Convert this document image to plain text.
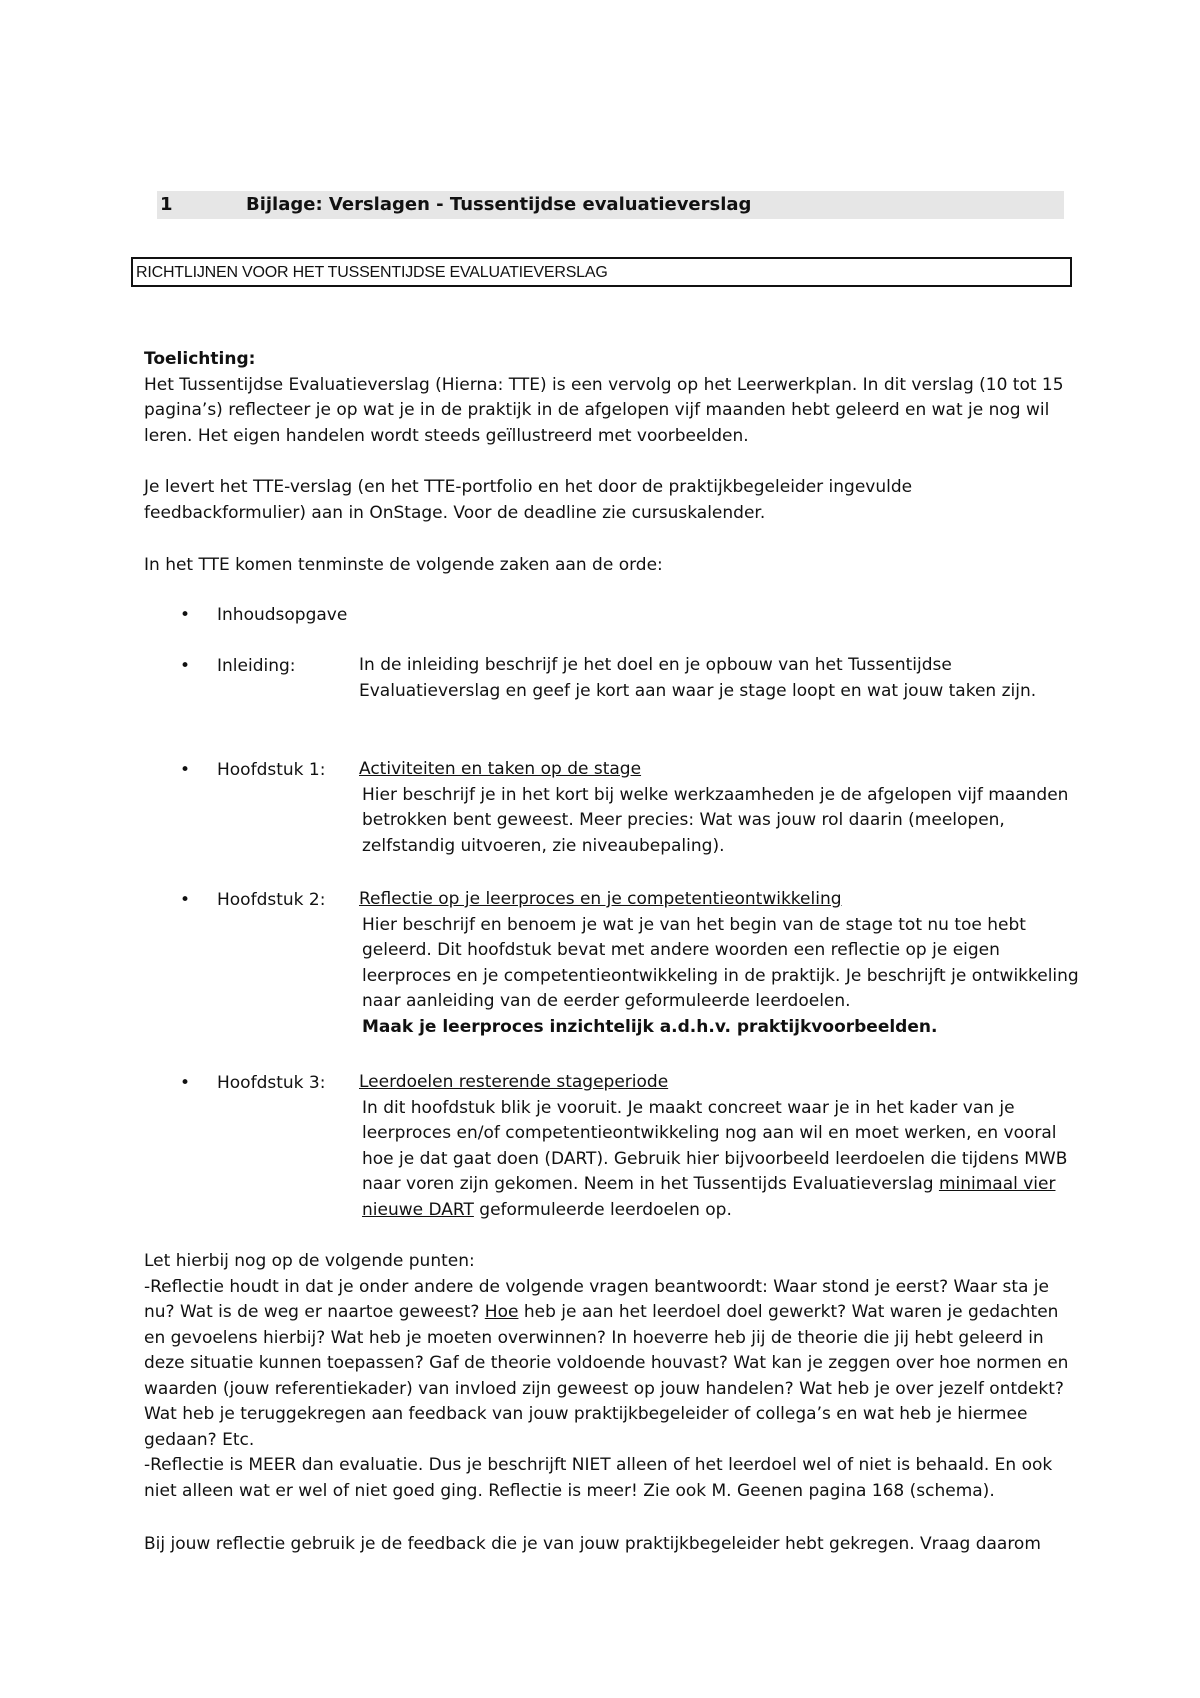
1	Bijlage: Verslagen - Tussentijdse evaluatieverslag
RICHTLIJNEN VOOR HET TUSSENTIJDSE EVALUATIEVERSLAG
Toelichting:
Het Tussentijdse Evaluatieverslag (Hierna: TTE) is een vervolg op het Leerwerkplan. In dit verslag (10 tot 15 pagina’s) reflecteer je op wat je in de praktijk in de afgelopen vijf maanden hebt geleerd en wat je nog wil leren. Het eigen handelen wordt steeds geïllustreerd met voorbeelden.
Je levert het TTE-verslag (en het TTE-portfolio en het door de praktijkbegeleider ingevulde feedbackformulier) aan in OnStage. Voor de deadline zie cursuskalender.
In het TTE komen tenminste de volgende zaken aan de orde:
• Inhoudsopgave
• Inleiding:	In de inleiding beschrijf je het doel en je opbouw van het Tussentijdse Evaluatieverslag en geef je kort aan waar je stage loopt en wat jouw taken zijn.
• Hoofdstuk 1: Activiteiten en taken op de stage
Hier beschrijf je in het kort bij welke werkzaamheden je de afgelopen vijf maanden betrokken bent geweest. Meer precies: Wat was jouw rol daarin (meelopen, zelfstandig uitvoeren, zie niveaubepaling).
• Hoofdstuk 2: Reflectie op je leerproces en je competentieontwikkeling
Hier beschrijf en benoem je wat je van het begin van de stage tot nu toe hebt geleerd. Dit hoofdstuk bevat met andere woorden een reflectie op je eigen leerproces en je competentieontwikkeling in de praktijk. Je beschrijft je ontwikkeling naar aanleiding van de eerder geformuleerde leerdoelen.
Maak je leerproces inzichtelijk a.d.h.v. praktijkvoorbeelden.
• Hoofdstuk 3: Leerdoelen resterende stageperiode
In dit hoofdstuk blik je vooruit. Je maakt concreet waar je in het kader van je leerproces en/of competentieontwikkeling nog aan wil en moet werken, en vooral hoe je dat gaat doen (DART). Gebruik hier bijvoorbeeld leerdoelen die tijdens MWB naar voren zijn gekomen. Neem in het Tussentijds Evaluatieverslag minimaal vier nieuwe DART geformuleerde leerdoelen op.
Let hierbij nog op de volgende punten:
-Reflectie houdt in dat je onder andere de volgende vragen beantwoordt: Waar stond je eerst? Waar sta je nu? Wat is de weg er naartoe geweest? Hoe heb je aan het leerdoel doel gewerkt? Wat waren je gedachten en gevoelens hierbij? Wat heb je moeten overwinnen? In hoeverre heb jij de theorie die jij hebt geleerd in deze situatie kunnen toepassen? Gaf de theorie voldoende houvast? Wat kan je zeggen over hoe normen en waarden (jouw referentiekader) van invloed zijn geweest op jouw handelen? Wat heb je over jezelf ontdekt? Wat heb je teruggekregen aan feedback van jouw praktijkbegeleider of collega’s en wat heb je hiermee gedaan? Etc.
-Reflectie is MEER dan evaluatie. Dus je beschrijft NIET alleen of het leerdoel wel of niet is behaald. En ook niet alleen wat er wel of niet goed ging. Reflectie is meer! Zie ook M. Geenen pagina 168 (schema).
Bij jouw reflectie gebruik je de feedback die je van jouw praktijkbegeleider hebt gekregen. Vraag daarom
